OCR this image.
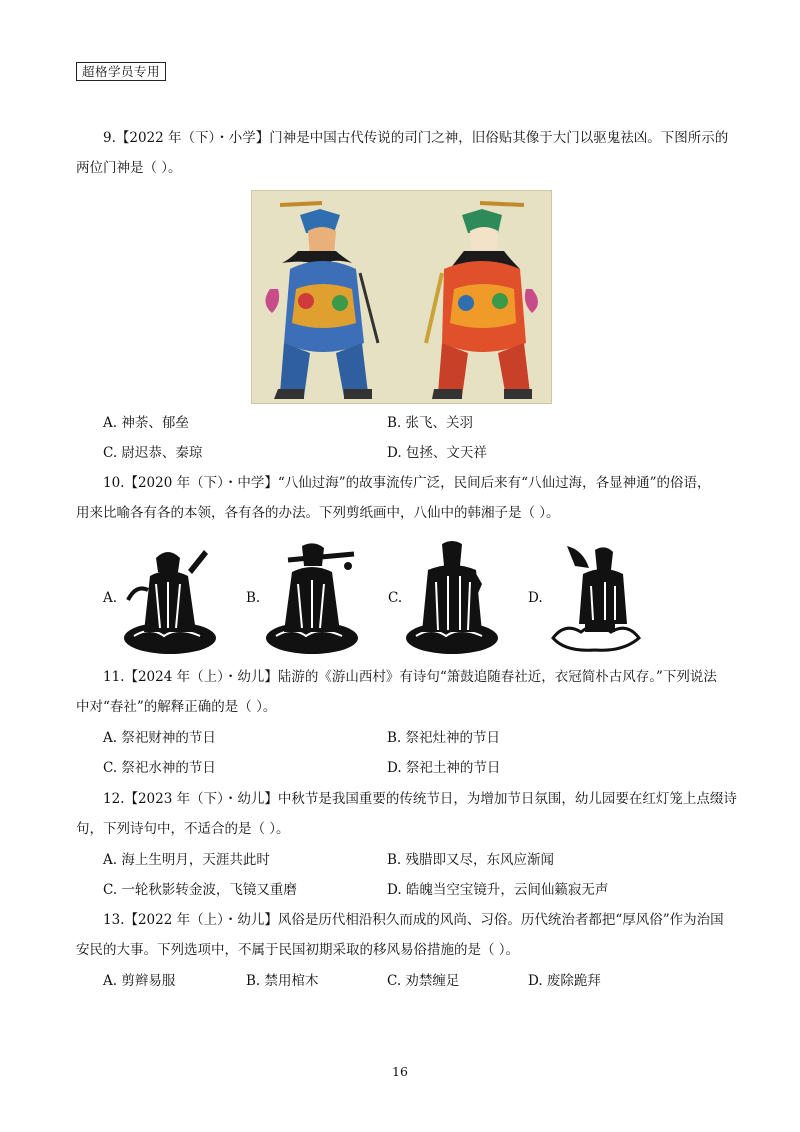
超格学员专用
9.【2022 年（下）・小学】门神是中国古代传说的司门之神，旧俗贴其像于大门以驱鬼祛凶。下图所示的
两位门神是（ ）。
A. 神荼、郁垒	B. 张飞、关羽
C. 尉迟恭、秦琼	D. 包拯、文天祥
10.【2020 年（下）・中学】“八仙过海”的故事流传广泛，民间后来有“八仙过海，各显神通”的俗语，
用来比喻各有各的本领，各有各的办法。下列剪纸画中，八仙中的韩湘子是（ ）。
A.	B.	C.	D.
11.【2024 年（上）・幼儿】陆游的《游山西村》有诗句“箫鼓追随春社近，衣冠简朴古风存。”下列说法
中对“春社”的解释正确的是（ ）。
A. 祭祀财神的节日	B. 祭祀灶神的节日
C. 祭祀水神的节日	D. 祭祀土神的节日
12.【2023 年（下）・幼儿】中秋节是我国重要的传统节日，为增加节日氛围，幼儿园要在红灯笼上点缀诗
句，下列诗句中，不适合的是（ ）。
A. 海上生明月，天涯共此时	B. 残腊即又尽，东风应渐闻
C. 一轮秋影转金波，飞镜又重磨	D. 皓魄当空宝镜升，云间仙籁寂无声
13.【2022 年（上）・幼儿】风俗是历代相沿积久而成的风尚、习俗。历代统治者都把“厚风俗”作为治国
安民的大事。下列选项中，不属于民国初期采取的移风易俗措施的是（ ）。
A. 剪辫易服	B. 禁用棺木	C. 劝禁缠足	D. 废除跪拜
16
